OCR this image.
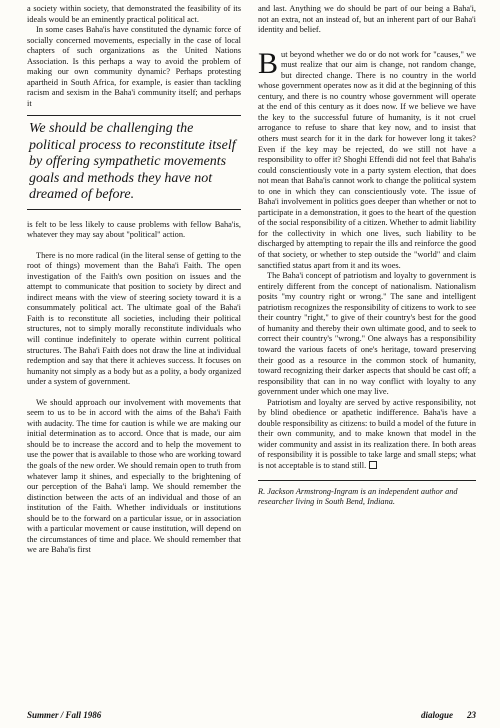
a society within society, that demonstrated the feasibility of its ideals would be an eminently practical political act.

In some cases Baha'is have constituted the dynamic force of socially concerned movements, especially in the case of local chapters of such organizations as the United Nations Association. Is this perhaps a way to avoid the problem of making our own community dynamic? Perhaps protesting apartheid in South Africa, for example, is easier than tackling racism and sexism in the Baha'i community itself; and perhaps it

We should be challenging the political process to reconstitute itself by offering sympathetic movements goals and methods they have not dreamed of before.

is felt to be less likely to cause problems with fellow Baha'is, whatever they may say about "political" action.

There is no more radical (in the literal sense of getting to the root of things) movement than the Baha'i Faith. The open investigation of the Faith's own position on issues and the attempt to communicate that position to society by direct and indirect means with the view of steering society toward it is a consummately political act. The ultimate goal of the Baha'i Faith is to reconstitute all societies, including their political structures, not to simply morally reconstitute individuals who will continue indefinitely to operate within current political structures. The Baha'i Faith does not draw the line at individual redemption and say that there it achieves success. It focuses on humanity not simply as a body but as a polity, a body organized under a system of government.

We should approach our involvement with movements that seem to us to be in accord with the aims of the Baha'i Faith with audacity. The time for caution is while we are making our initial determination as to accord. Once that is made, our aim should be to increase the accord and to help the movement to use the power that is available to those who are working toward the goals of the new order. We should remain open to truth from whatever lamp it shines, and especially to the brightening of our perception of the Baha'i lamp. We should remember the distinction between the acts of an individual and those of an institution of the Faith. Whether individuals or institutions should be to the forward on a particular issue, or in association with a particular movement or cause institution, will depend on the circumstances of time and place. We should remember that we are Baha'is first

and last. Anything we do should be part of our being a Baha'i, not an extra, not an instead of, but an inherent part of our Baha'i identity and belief.

But beyond whether we do or do not work for "causes," we must realize that our aim is change, not random change, but directed change. There is no country in the world whose government operates now as it did at the beginning of this century, and there is no country whose government will operate at the end of this century as it does now. If we believe we have the key to the successful future of humanity, is it not cruel arrogance to refuse to share that key now, and to insist that others must search for it in the dark for however long it takes? Even if the key may be rejected, do we still not have a responsibility to offer it? Shoghi Effendi did not feel that Baha'is could conscientiously vote in a party system election, that does not mean that Baha'is cannot work to change the political system to one in which they can conscientiously vote. The issue of Baha'i involvement in politics goes deeper than whether or not to participate in a demonstration, it goes to the heart of the question of the social responsibility of a citizen. Whether to admit liability for the collectivity in which one lives, such liability to be discharged by attempting to repair the ills and reinforce the good of that society, or whether to step outside the "world" and claim sanctified status apart from it and its woes.

The Baha'i concept of patriotism and loyalty to government is entirely different from the concept of nationalism. Nationalism posits "my country right or wrong." The sane and intelligent patriotism recognizes the responsibility of citizens to work to see their country "right," to give of their country's best for the good of humanity and thereby their own ultimate good, and to seek to correct their country's "wrong." One always has a responsibility toward the various facets of one's heritage, toward preserving their good as a resource in the common stock of humanity, toward recognizing their darker aspects that should be cast off; a responsibility that can in no way conflict with loyalty to any government under which one may live.

Patriotism and loyalty are served by active responsibility, not by blind obedience or apathetic indifference. Baha'is have a double responsibility as citizens: to build a model of the future in their own community, and to make known that model in the wider community and assist in its realization there. In both areas of responsibility it is possible to take large and small steps; what is not acceptable is to stand still.

R. Jackson Armstrong-Ingram is an independent author and researcher living in South Bend, Indiana.
Summer / Fall 1986	dialogue 23
